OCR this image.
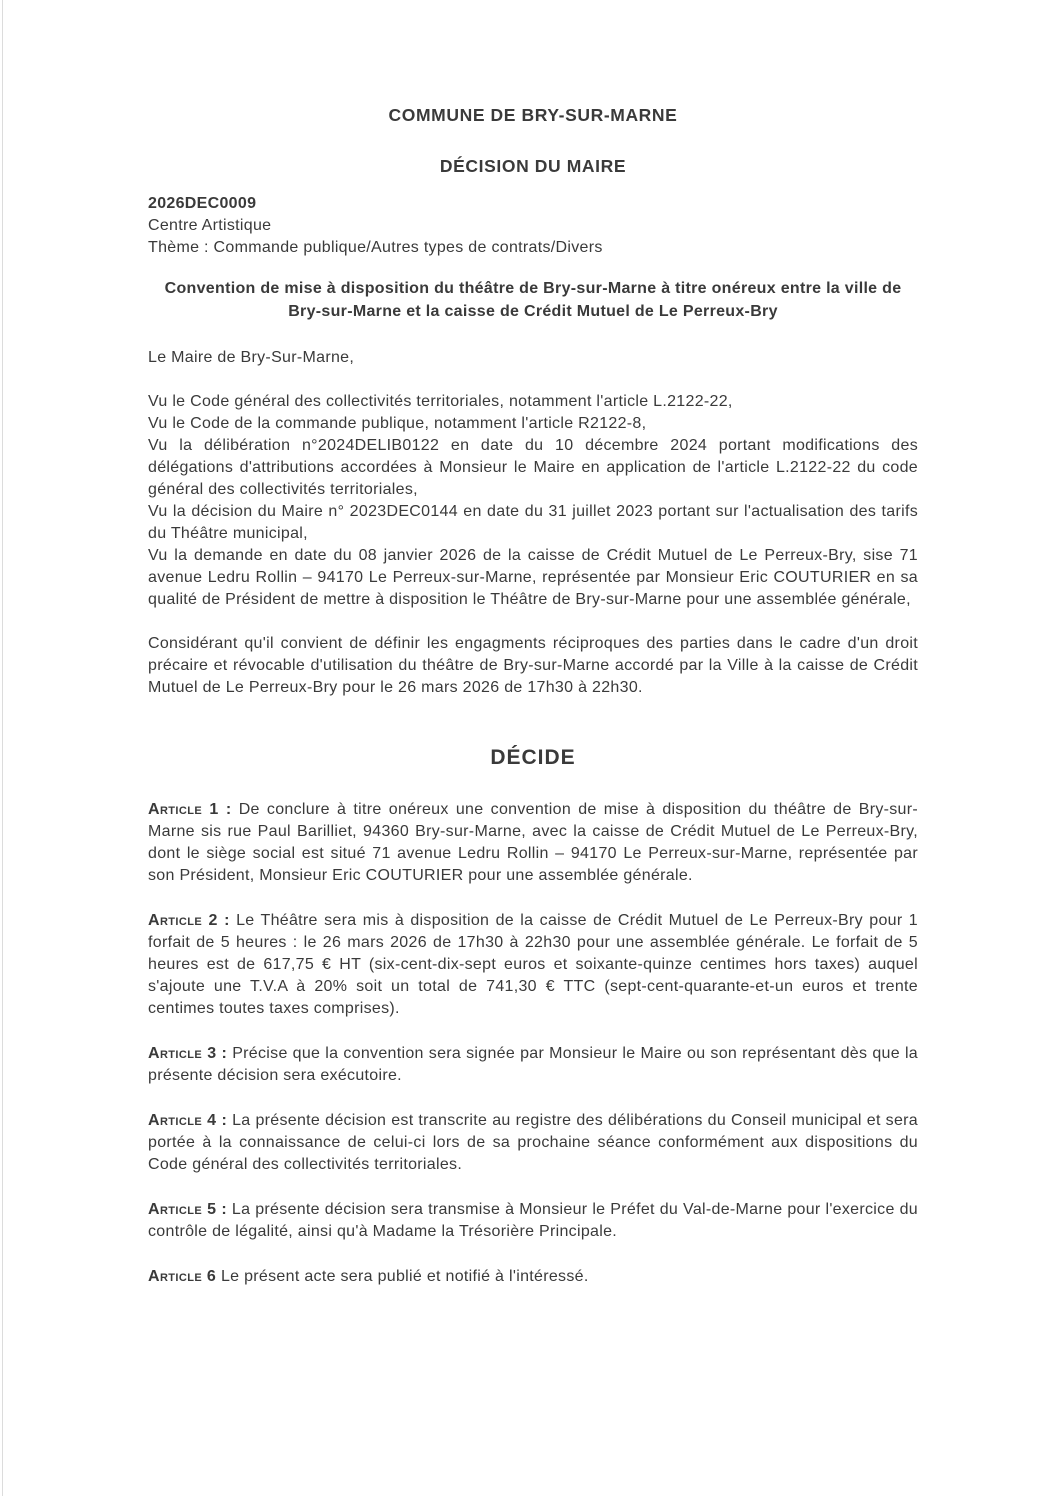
COMMUNE DE BRY-SUR-MARNE
DÉCISION DU MAIRE
2026DEC0009
Centre Artistique
Thème : Commande publique/Autres types de contrats/Divers
Convention de mise à disposition du théâtre de Bry-sur-Marne à titre onéreux entre la ville de Bry-sur-Marne et la caisse de Crédit Mutuel de Le Perreux-Bry

Le Maire de Bry-Sur-Marne,

Vu le Code général des collectivités territoriales, notamment l'article L.2122-22,

Vu le Code de la commande publique, notamment l'article R2122-8,

Vu la délibération n°2024DELIB0122 en date du 10 décembre 2024 portant modifications des délégations d'attributions accordées à Monsieur le Maire en application de l'article L.2122-22 du code général des collectivités territoriales,

Vu la décision du Maire n° 2023DEC0144 en date du 31 juillet 2023 portant sur l'actualisation des tarifs du Théâtre municipal,

Vu la demande en date du 08 janvier 2026 de la caisse de Crédit Mutuel de Le Perreux-Bry, sise 71 avenue Ledru Rollin – 94170 Le Perreux-sur-Marne, représentée par Monsieur Eric COUTURIER en sa qualité de Président de mettre à disposition le Théâtre de Bry-sur-Marne pour une assemblée générale,

Considérant qu'il convient de définir les engagments réciproques des parties dans le cadre d'un droit précaire et révocable d'utilisation du théâtre de Bry-sur-Marne accordé par la Ville à la caisse de Crédit Mutuel de Le Perreux-Bry pour le 26 mars 2026 de 17h30 à 22h30.

DÉCIDE

Article 1 : De conclure à titre onéreux une convention de mise à disposition du théâtre de Bry-sur-Marne sis rue Paul Barilliet, 94360 Bry-sur-Marne, avec la caisse de Crédit Mutuel de Le Perreux-Bry, dont le siège social est situé 71 avenue Ledru Rollin – 94170 Le Perreux-sur-Marne, représentée par son Président, Monsieur Eric COUTURIER pour une assemblée générale.

Article 2 : Le Théâtre sera mis à disposition de la caisse de Crédit Mutuel de Le Perreux-Bry pour 1 forfait de 5 heures : le 26 mars 2026 de 17h30 à 22h30 pour une assemblée générale. Le forfait de 5 heures est de 617,75 € HT (six-cent-dix-sept euros et soixante-quinze centimes hors taxes) auquel s'ajoute une T.V.A à 20% soit un total de 741,30 € TTC (sept-cent-quarante-et-un euros et trente centimes toutes taxes comprises).

Article 3 : Précise que la convention sera signée par Monsieur le Maire ou son représentant dès que la présente décision sera exécutoire.

Article 4 : La présente décision est transcrite au registre des délibérations du Conseil municipal et sera portée à la connaissance de celui-ci lors de sa prochaine séance conformément aux dispositions du Code général des collectivités territoriales.

Article 5 : La présente décision sera transmise à Monsieur le Préfet du Val-de-Marne pour l'exercice du contrôle de légalité, ainsi qu'à Madame la Trésorière Principale.

Article 6 Le présent acte sera publié et notifié à l'intéressé.
